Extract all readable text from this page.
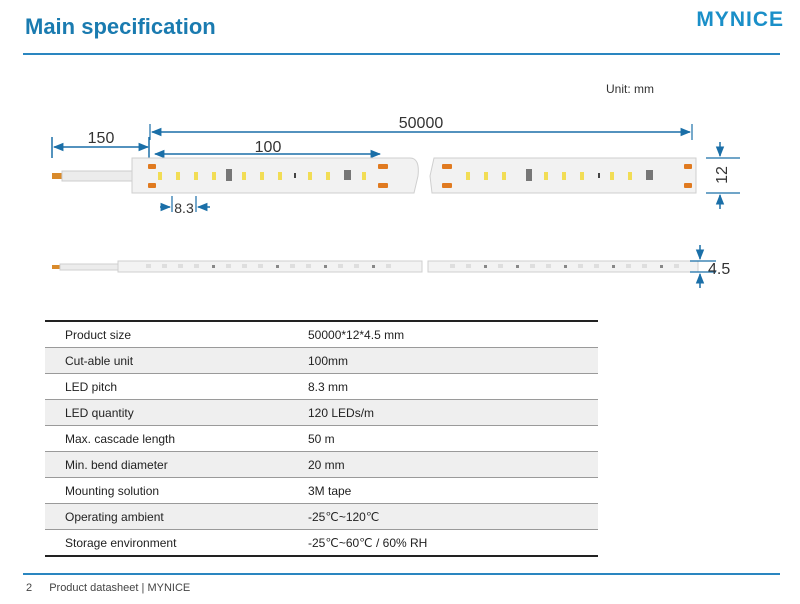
Main specification	MYNICE
Unit: mm
150
50000
100
12
8.3
4.5
Product size	50000*12*4.5 mm
Cut-able unit	100mm
LED pitch	8.3 mm
LED quantity	120 LEDs/m
Max. cascade length	50 m
Min. bend diameter	20 mm
Mounting solution	3M tape
Operating ambient	-25℃~120℃
Storage environment	-25℃~60℃ / 60% RH
2 Product datasheet | MYNICE
